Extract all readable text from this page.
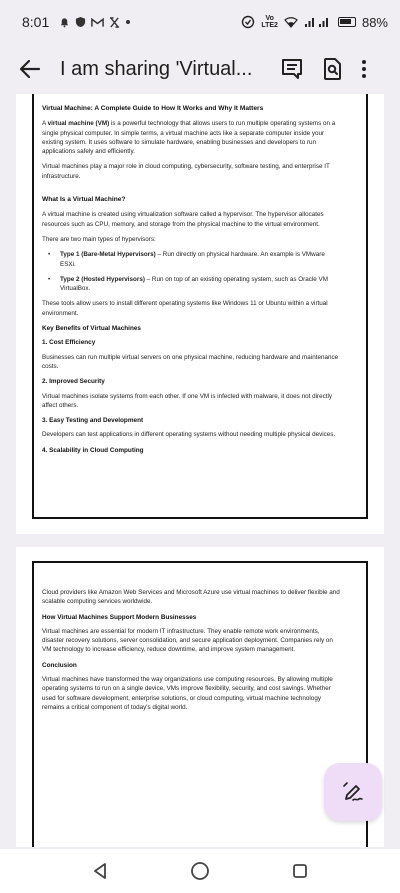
8:01	Vo
LTE2	88%
I am sharing 'Virtual...
Virtual Machine: A Complete Guide to How It Works and Why It Matters

A virtual machine (VM) is a powerful technology that allows users to run multiple operating systems on a single physical computer. In simple terms, a virtual machine acts like a separate computer inside your existing system. It uses software to simulate hardware, enabling businesses and developers to run applications safely and efficiently.

Virtual machines play a major role in cloud computing, cybersecurity, software testing, and enterprise IT infrastructure.

What Is a Virtual Machine?

A virtual machine is created using virtualization software called a hypervisor. The hypervisor allocates resources such as CPU, memory, and storage from the physical machine to the virtual environment.

There are two main types of hypervisors:

• Type 1 (Bare-Metal Hypervisors) – Run directly on physical hardware. An example is VMware ESXi.
• Type 2 (Hosted Hypervisors) – Run on top of an existing operating system, such as Oracle VM VirtualBox.

These tools allow users to install different operating systems like Windows 11 or Ubuntu within a virtual environment.

Key Benefits of Virtual Machines
1. Cost Efficiency

Businesses can run multiple virtual servers on one physical machine, reducing hardware and maintenance costs.

2. Improved Security

Virtual machines isolate systems from each other. If one VM is infected with malware, it does not directly affect others.

3. Easy Testing and Development

Developers can test applications in different operating systems without needing multiple physical devices.

4. Scalability in Cloud Computing

Cloud providers like Amazon Web Services and Microsoft Azure use virtual machines to deliver flexible and scalable computing services worldwide.

How Virtual Machines Support Modern Businesses

Virtual machines are essential for modern IT infrastructure. They enable remote work environments, disaster recovery solutions, server consolidation, and secure application deployment. Companies rely on VM technology to increase efficiency, reduce downtime, and improve system management.

Conclusion

Virtual machines have transformed the way organizations use computing resources. By allowing multiple operating systems to run on a single device, VMs improve flexibility, security, and cost savings. Whether used for software development, enterprise solutions, or cloud computing, virtual machine technology remains a critical component of today's digital world.
